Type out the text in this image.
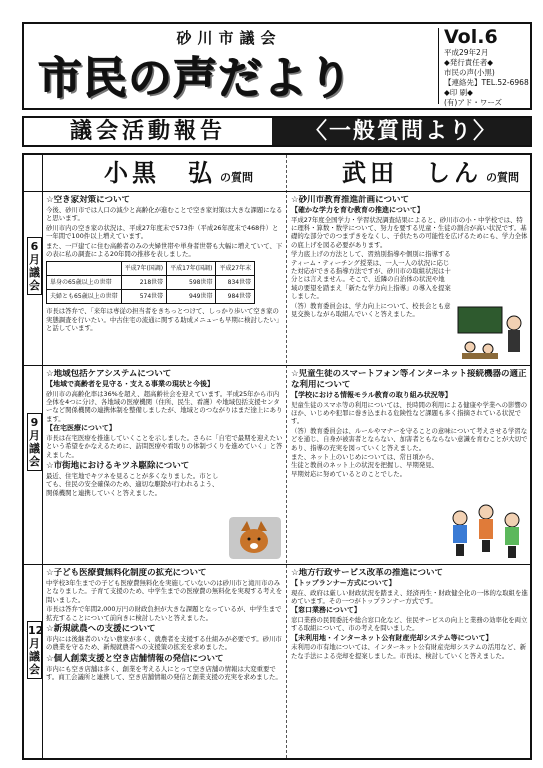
砂川市議会
市民の声だより
Vol.6
平成29年2月
◆発行責任者◆
市民の声(小黒)
【連絡先】TEL.52-6968
◆印 刷◆
(有)アド・ワーズ
議会活動報告	〈一般質問より〉
小黒　弘 の質問	武田　しん の質問
6月議会
9月議会
12月議会
☆空き家対策について

今後、砂川市では人口の減少と高齢化が進むことで空き家対策は大きな課題になると思います。

砂川市内の空き家の状況は、平成27年度末で573件（平成26年度末で468件）と一年間で100件以上増えています。

また、一戸建てに住む高齢者のみの夫婦世帯や単身者世帯も大幅に増えていて、下の表に私の調査による20年間の推移を表しました。

	平成7年(国調)	平成17年(国調)	平成27年末
単身の65歳以上の世帯	218世帯	598世帯	834世帯
夫婦とも65歳以上の世帯	574世帯	949世帯	984世帯

市長は答弁で、「来年は専従の担当者をきちっとつけて、しっかり歩いて空き家の実態調査を行いたい。中古住宅の流通に関する助成メニューも早期に検討したい」と話しています。

☆砂川市教育推進計画について
【確かな学力を育む教育の推進について】

平成27年度全国学力・学習状況調査結果によると、砂川市の小・中学校では、特に理科・算数・数学について、努力を要する児童・生徒の割合が高い状況です。基礎的な部分でのつまずきをなくし、子供たちの可能性を広げるためにも、学力全体の底上げを図る必要があります。

学力底上げの方法として、習熟別指導や個別に指導するティーム・ティーチング授業は、一人一人の状況に応じた対応ができる指導方法ですが、砂川市の取組状況は十分とは言えません。そこで、近隣の自治体の状況や地域の要望を踏まえ「新たな学力向上指導」の導入を提案しました。

（答）教育委員会は、学力向上について、校長会とも意見交換しながら取組んでいくと答えました。

☆地域包括ケアシステムについて
【地域で高齢者を見守る・支える事業の現状と今後】

砂川市の高齢化率は36%を超え、超高齢社会を迎えています。平成25年から市内全体を4つに分け、各地域の医療機関（住所、民生、看護）や地域包括支援センターなど関係機関の連携体制を整備しましたが、地域とのつながりはまだ途上にあります。

【在宅医療について】

市長は在宅医療を推進していくことを示しました。さらに「自宅で最期を迎えたいという希望をかなえるために、訪問医療や看取りの体制づくりを進めていく」と答えました。

☆市街地におけるキツネ駆除について

最近、住宅地でキツネを見ることが多くなりました。市としても、住民の安全確保のため、適切な駆除が行われるよう、関係機関と連携していくと答えました。

☆児童生徒のスマートフォン等インターネット接続機器の適正な利用について
【学校における情報モラル教育の取り組み状況等】

児童生徒のスマホ等の利用については、長時間の利用による健康や学業への影響のほか、いじめや犯罪に巻き込まれる危険性など課題も多く指摘されている状況です。

（答）教育委員会は、ルールやマナーを守ることの意味について考えさせる学習などを通じ、自身が被害者とならない、加害者ともならない意識を育むことが大切であり、指導の充実を図っていくと答えました。

また、ネット上のいじめについては、常日頃から、生徒と教員のネット上の状況を把握し、早期発見、早期対応に努めているとのことでした。

☆子ども医療費無料化制度の拡充について

中学校3年生までの子ども医療費無料化を実施していないのは砂川市と滝川市のみとなりました。子育て支援のため、中学生までの医療費の無料化を実現する考えを問いました。

市長は答弁で年間2,000万円の財政負担が大きな課題となっているが、中学生まで拡充することについて前向きに検討したいと答えました。

☆新規就農への支援について

市内には後継者のいない農家が多く、就農者を支援する仕組みが必要です。砂川市の農業を守るため、新規就農者への支援策の拡充を求めました。

☆個人創業支援と空き店舗情報の発信について

市内にも空き店舗は多く、創業を考える人にとって空き店舗の情報は大変重要です。商工会議所と連携して、空き店舗情報の発信と創業支援の充実を求めました。

☆地方行政サービス改革の推進について
【トップランナー方式について】

現在、政府は厳しい財政状況を踏まえ、経済再生・財政健全化の一体的な取組を進めています。その一つがトップランナー方式です。

【窓口業務について】

窓口業務の民間委託や総合窓口化など、住民サービスの向上と業務の効率化を両立する取組について、市の考えを問いました。

【未利用地・インターネット公有財産売却システム等について】

未利用の市有地については、インターネット公有財産売却システムの活用など、新たな手法による売却を提案しました。市長は、検討していくと答えました。
